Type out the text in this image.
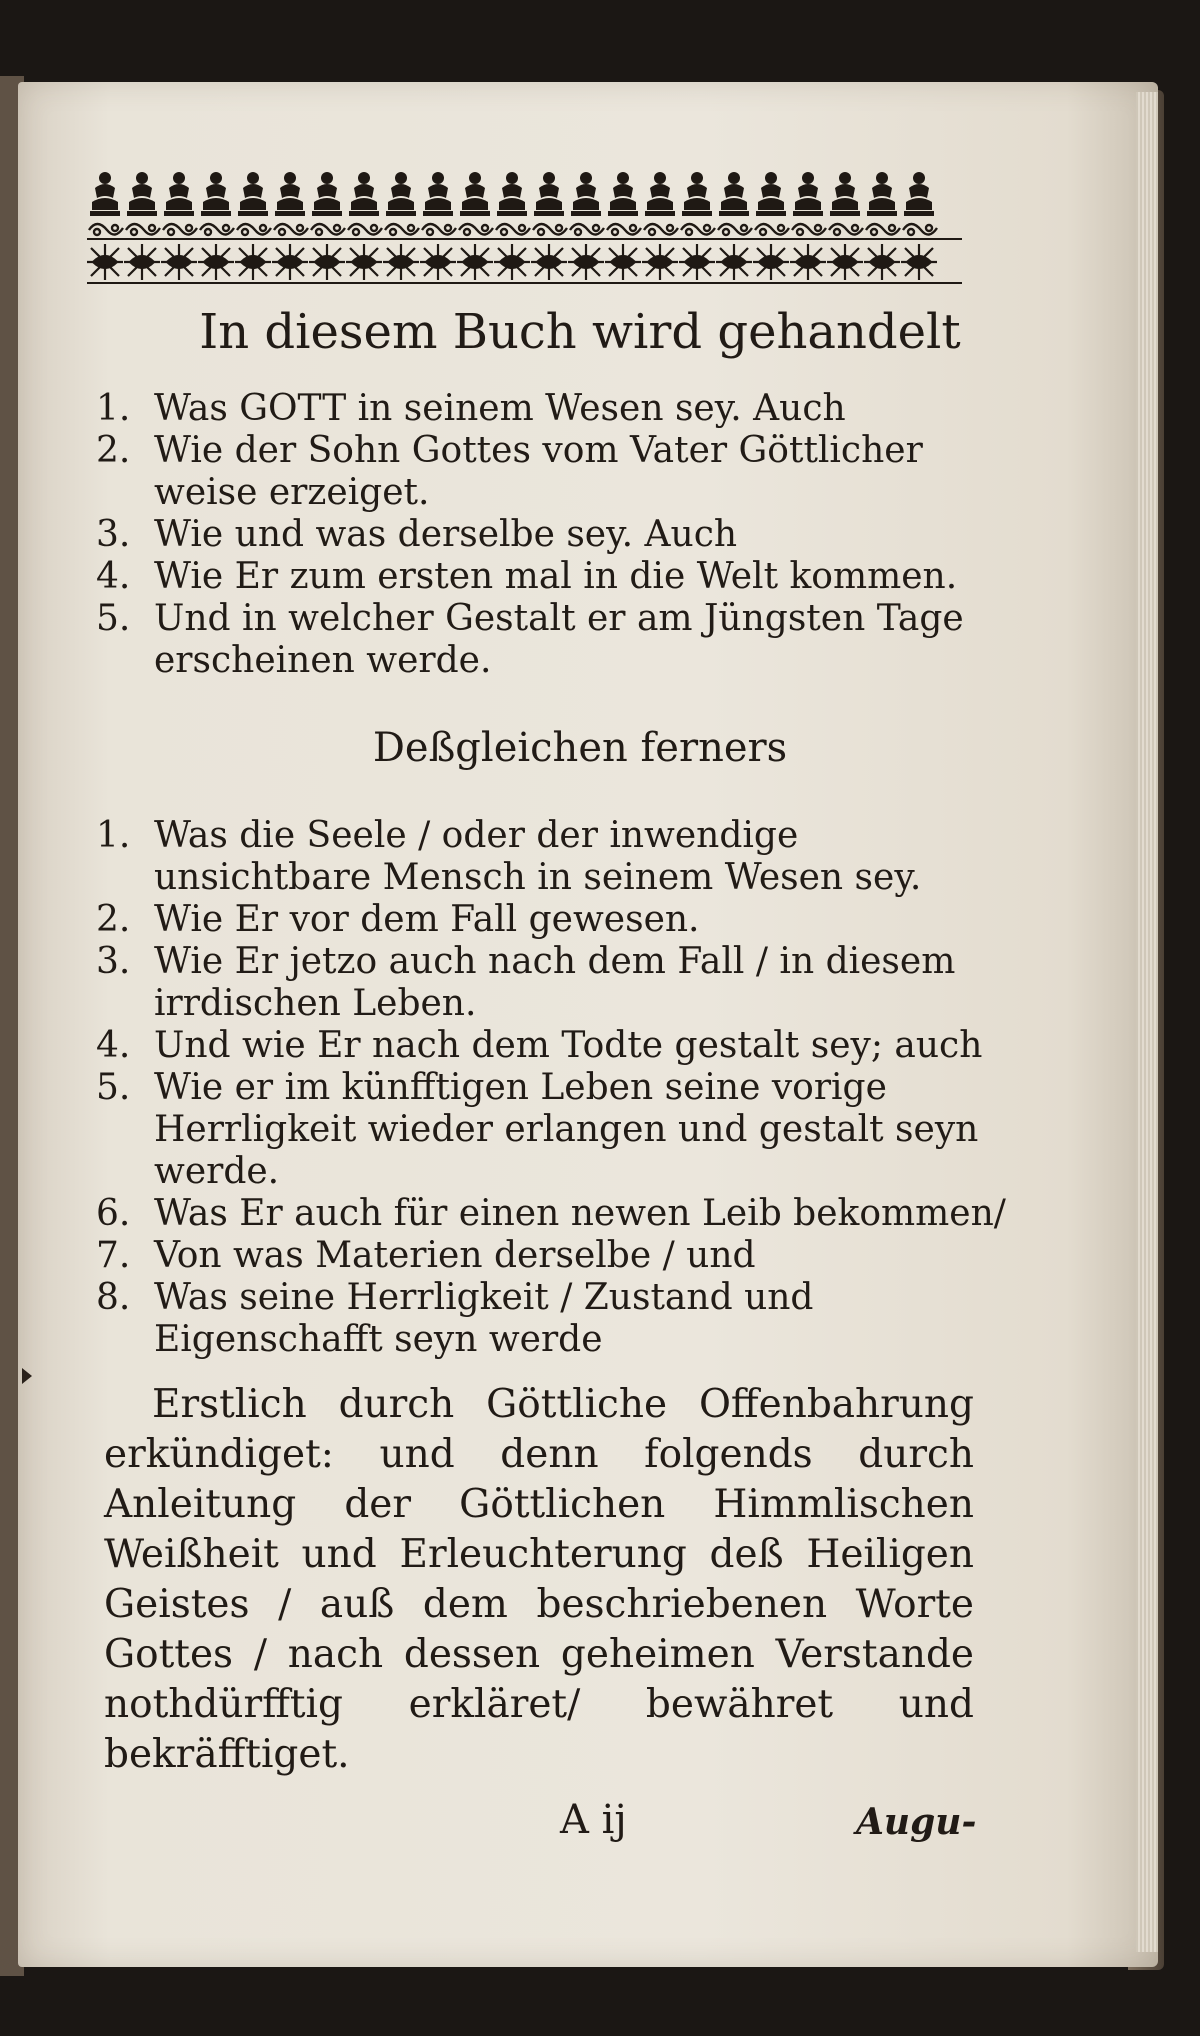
In diesem Buch wird gehandelt
1. Was GOTT in seinem Wesen sey. Auch
2. Wie der Sohn Gottes vom Vater Göttlicher weise erzeiget.
3. Wie und was derselbe sey. Auch
4. Wie Er zum ersten mal in die Welt kommen.
5. Und in welcher Gestalt er am Jüngsten Tage erscheinen werde.
Deßgleichen ferners
1. Was die Seele / oder der inwendige unsichtbare Mensch in seinem Wesen sey.
2. Wie Er vor dem Fall gewesen.
3. Wie Er jetzo auch nach dem Fall / in diesem irrdischen Leben.
4. Und wie Er nach dem Todte gestalt sey; auch
5. Wie er im künfftigen Leben seine vorige Herrligkeit wieder erlangen und gestalt seyn werde.
6. Was Er auch für einen newen Leib bekommen/
7. Von was Materien derselbe / und
8. Was seine Herrligkeit / Zustand und Eigenschafft seyn werde

Erstlich durch Göttliche Offenbahrung erkündiget: und denn folgends durch Anleitung der Göttlichen Himmlischen Weißheit und Erleuchterung deß Heiligen Geistes / auß dem beschriebenen Worte Gottes / nach dessen geheimen Verstande nothdürfftig erkläret/ bewähret und bekräfftiget.

A ij	Augu-
